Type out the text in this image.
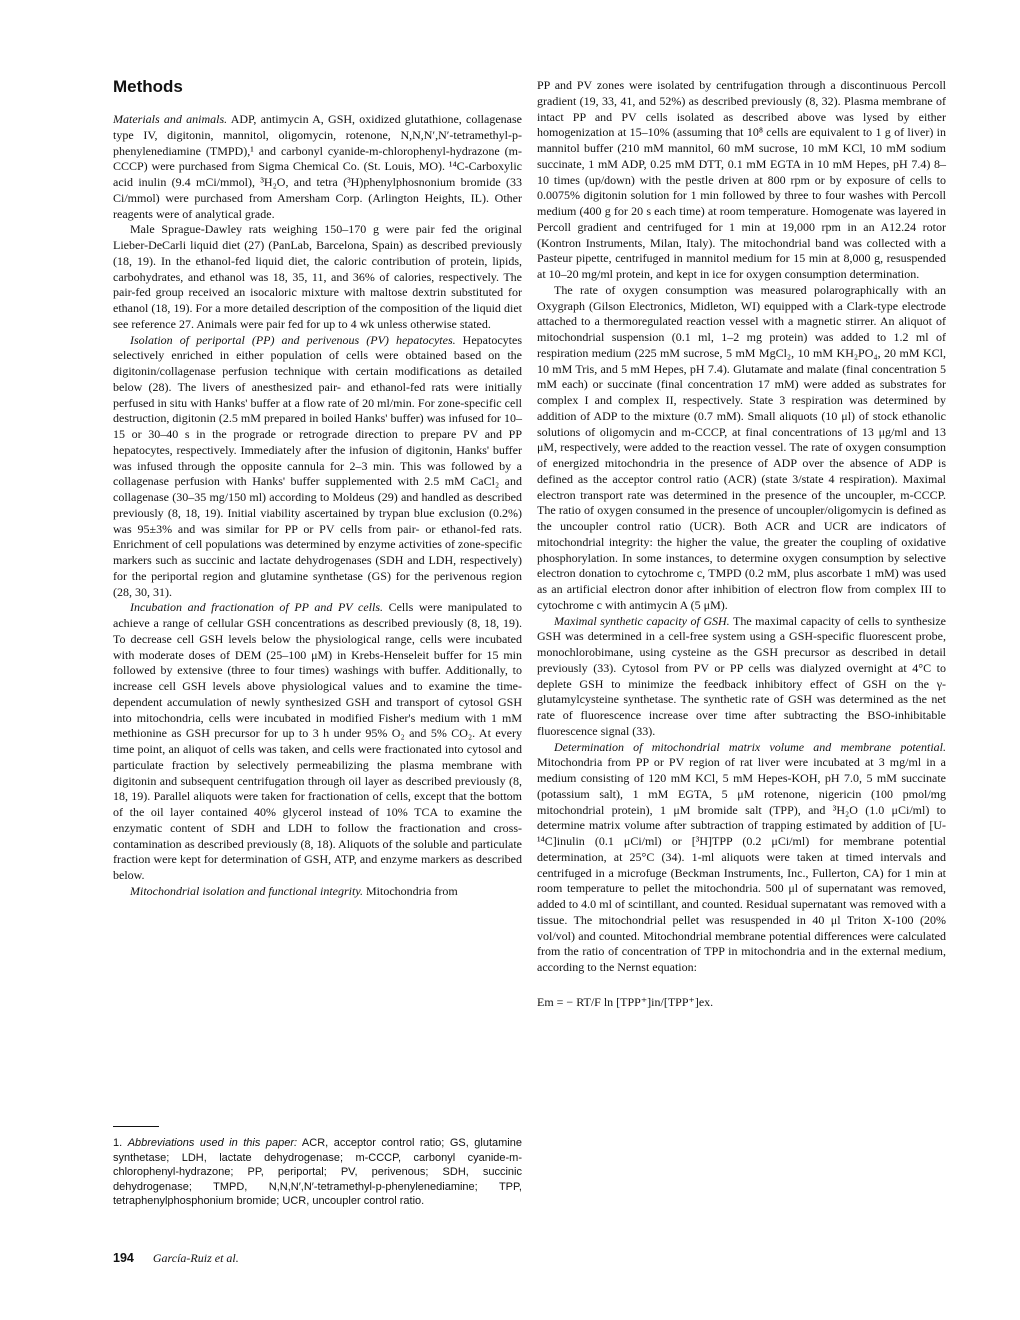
Methods

Materials and animals. ADP, antimycin A, GSH, oxidized glutathione, collagenase type IV, digitonin, mannitol, oligomycin, rotenone, N,N,N′,N′-tetramethyl-p-phenylenediamine (TMPD),¹ and carbonyl cyanide-m-chlorophenyl-hydrazone (m-CCCP) were purchased from Sigma Chemical Co. (St. Louis, MO). ¹⁴C-Carboxylic acid inulin (9.4 mCi/mmol), ³H₂O, and tetra (³H)phenylphosnonium bromide (33 Ci/mmol) were purchased from Amersham Corp. (Arlington Heights, IL). Other reagents were of analytical grade.

Male Sprague-Dawley rats weighing 150–170 g were pair fed the original Lieber-DeCarli liquid diet (27) (PanLab, Barcelona, Spain) as described previously (18, 19). In the ethanol-fed liquid diet, the caloric contribution of protein, lipids, carbohydrates, and ethanol was 18, 35, 11, and 36% of calories, respectively. The pair-fed group received an isocaloric mixture with maltose dextrin substituted for ethanol (18, 19). For a more detailed description of the composition of the liquid diet see reference 27. Animals were pair fed for up to 4 wk unless otherwise stated.

Isolation of periportal (PP) and perivenous (PV) hepatocytes. Hepatocytes selectively enriched in either population of cells were obtained based on the digitonin/collagenase perfusion technique with certain modifications as detailed below (28). The livers of anesthesized pair- and ethanol-fed rats were initially perfused in situ with Hanks' buffer at a flow rate of 20 ml/min. For zone-specific cell destruction, digitonin (2.5 mM prepared in boiled Hanks' buffer) was infused for 10–15 or 30–40 s in the prograde or retrograde direction to prepare PV and PP hepatocytes, respectively. Immediately after the infusion of digitonin, Hanks' buffer was infused through the opposite cannula for 2–3 min. This was followed by a collagenase perfusion with Hanks' buffer supplemented with 2.5 mM CaCl₂ and collagenase (30–35 mg/150 ml) according to Moldeus (29) and handled as described previously (8, 18, 19). Initial viability ascertained by trypan blue exclusion (0.2%) was 95±3% and was similar for PP or PV cells from pair- or ethanol-fed rats. Enrichment of cell populations was determined by enzyme activities of zone-specific markers such as succinic and lactate dehydrogenases (SDH and LDH, respectively) for the periportal region and glutamine synthetase (GS) for the perivenous region (28, 30, 31).

Incubation and fractionation of PP and PV cells. Cells were manipulated to achieve a range of cellular GSH concentrations as described previously (8, 18, 19). To decrease cell GSH levels below the physiological range, cells were incubated with moderate doses of DEM (25–100 μM) in Krebs-Henseleit buffer for 15 min followed by extensive (three to four times) washings with buffer. Additionally, to increase cell GSH levels above physiological values and to examine the time-dependent accumulation of newly synthesized GSH and transport of cytosol GSH into mitochondria, cells were incubated in modified Fisher's medium with 1 mM methionine as GSH precursor for up to 3 h under 95% O₂ and 5% CO₂. At every time point, an aliquot of cells was taken, and cells were fractionated into cytosol and particulate fraction by selectively permeabilizing the plasma membrane with digitonin and subsequent centrifugation through oil layer as described previously (8, 18, 19). Parallel aliquots were taken for fractionation of cells, except that the bottom of the oil layer contained 40% glycerol instead of 10% TCA to examine the enzymatic content of SDH and LDH to follow the fractionation and cross-contamination as described previously (8, 18). Aliquots of the soluble and particulate fraction were kept for determination of GSH, ATP, and enzyme markers as described below.

Mitochondrial isolation and functional integrity. Mitochondria from

1. Abbreviations used in this paper: ACR, acceptor control ratio; GS, glutamine synthetase; LDH, lactate dehydrogenase; m-CCCP, carbonyl cyanide-m-chlorophenyl-hydrazone; PP, periportal; PV, perivenous; SDH, succinic dehydrogenase; TMPD, N,N,N′,N′-tetramethyl-p-phenylenediamine; TPP, tetraphenylphosphonium bromide; UCR, uncoupler control ratio.

PP and PV zones were isolated by centrifugation through a discontinuous Percoll gradient (19, 33, 41, and 52%) as described previously (8, 32). Plasma membrane of intact PP and PV cells isolated as described above was lysed by either homogenization at 15–10% (assuming that 10⁸ cells are equivalent to 1 g of liver) in mannitol buffer (210 mM mannitol, 60 mM sucrose, 10 mM KCl, 10 mM sodium succinate, 1 mM ADP, 0.25 mM DTT, 0.1 mM EGTA in 10 mM Hepes, pH 7.4) 8–10 times (up/down) with the pestle driven at 800 rpm or by exposure of cells to 0.0075% digitonin solution for 1 min followed by three to four washes with Percoll medium (400 g for 20 s each time) at room temperature. Homogenate was layered in Percoll gradient and centrifuged for 1 min at 19,000 rpm in an A12.24 rotor (Kontron Instruments, Milan, Italy). The mitochondrial band was collected with a Pasteur pipette, centrifuged in mannitol medium for 15 min at 8,000 g, resuspended at 10–20 mg/ml protein, and kept in ice for oxygen consumption determination.

The rate of oxygen consumption was measured polarographically with an Oxygraph (Gilson Electronics, Midleton, WI) equipped with a Clark-type electrode attached to a thermoregulated reaction vessel with a magnetic stirrer. An aliquot of mitochondrial suspension (0.1 ml, 1–2 mg protein) was added to 1.2 ml of respiration medium (225 mM sucrose, 5 mM MgCl₂, 10 mM KH₂PO₄, 20 mM KCl, 10 mM Tris, and 5 mM Hepes, pH 7.4). Glutamate and malate (final concentration 5 mM each) or succinate (final concentration 17 mM) were added as substrates for complex I and complex II, respectively. State 3 respiration was determined by addition of ADP to the mixture (0.7 mM). Small aliquots (10 μl) of stock ethanolic solutions of oligomycin and m-CCCP, at final concentrations of 13 μg/ml and 13 μM, respectively, were added to the reaction vessel. The rate of oxygen consumption of energized mitochondria in the presence of ADP over the absence of ADP is defined as the acceptor control ratio (ACR) (state 3/state 4 respiration). Maximal electron transport rate was determined in the presence of the uncoupler, m-CCCP. The ratio of oxygen consumed in the presence of uncoupler/oligomycin is defined as the uncoupler control ratio (UCR). Both ACR and UCR are indicators of mitochondrial integrity: the higher the value, the greater the coupling of oxidative phosphorylation. In some instances, to determine oxygen consumption by selective electron donation to cytochrome c, TMPD (0.2 mM, plus ascorbate 1 mM) was used as an artificial electron donor after inhibition of electron flow from complex III to cytochrome c with antimycin A (5 μM).

Maximal synthetic capacity of GSH. The maximal capacity of cells to synthesize GSH was determined in a cell-free system using a GSH-specific fluorescent probe, monochlorobimane, using cysteine as the GSH precursor as described in detail previously (33). Cytosol from PV or PP cells was dialyzed overnight at 4°C to deplete GSH to minimize the feedback inhibitory effect of GSH on the γ-glutamylcysteine synthetase. The synthetic rate of GSH was determined as the net rate of fluorescence increase over time after subtracting the BSO-inhibitable fluorescence signal (33).

Determination of mitochondrial matrix volume and membrane potential. Mitochondria from PP or PV region of rat liver were incubated at 3 mg/ml in a medium consisting of 120 mM KCl, 5 mM Hepes-KOH, pH 7.0, 5 mM succinate (potassium salt), 1 mM EGTA, 5 μM rotenone, nigericin (100 pmol/mg mitochondrial protein), 1 μM bromide salt (TPP), and ³H₂O (1.0 μCi/ml) to determine matrix volume after subtraction of trapping estimated by addition of [U-¹⁴C]inulin (0.1 μCi/ml) or [³H]TPP (0.2 μCi/ml) for membrane potential determination, at 25°C (34). 1-ml aliquots were taken at timed intervals and centrifuged in a microfuge (Beckman Instruments, Inc., Fullerton, CA) for 1 min at room temperature to pellet the mitochondria. 500 μl of supernatant was removed, added to 4.0 ml of scintillant, and counted. Residual supernatant was removed with a tissue. The mitochondrial pellet was resuspended in 40 μl Triton X-100 (20% vol/vol) and counted. Mitochondrial membrane potential differences were calculated from the ratio of concentration of TPP in mitochondria and in the external medium, according to the Nernst equation:

Em = − RT/F ln [TPP⁺]in/[TPP⁺]ex.

194 García-Ruiz et al.
